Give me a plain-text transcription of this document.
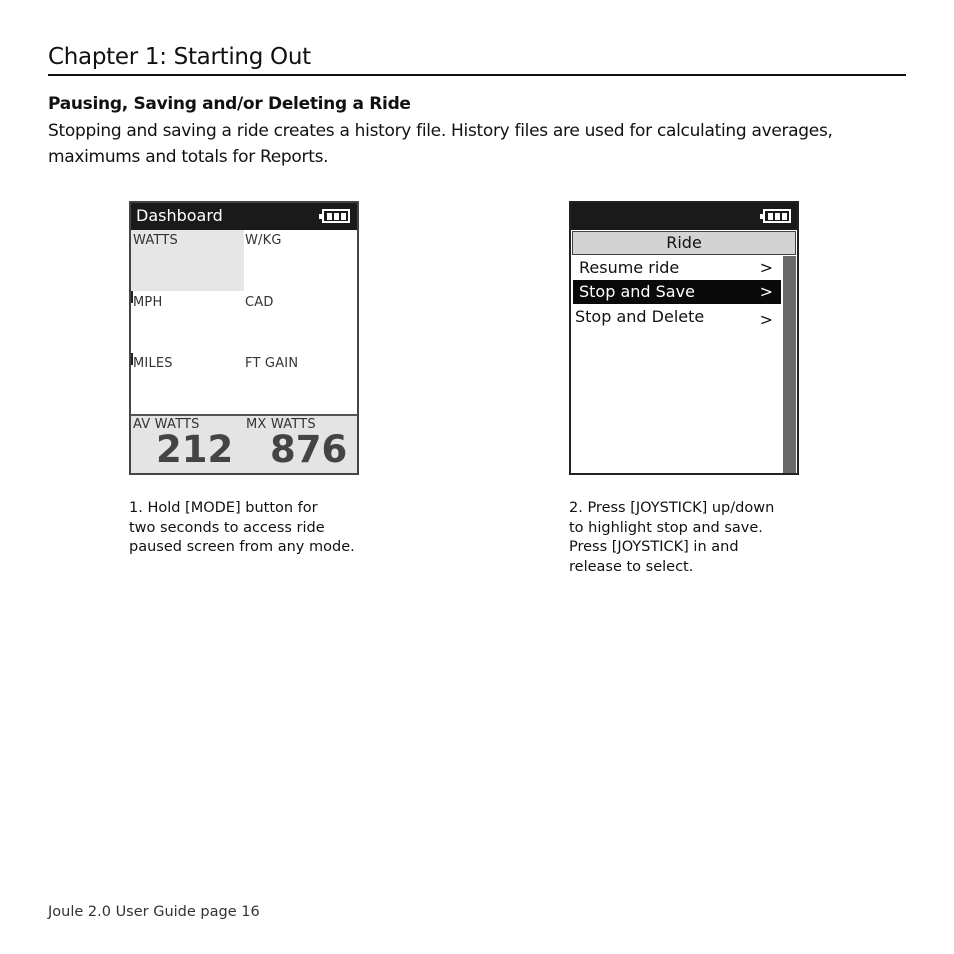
Chapter 1: Starting Out
Pausing, Saving and/or Deleting a Ride
Stopping and saving a ride creates a history file. History files are used for calculating averages, maximums and totals for Reports.
Dashboard
WATTS	W/KG
MPH	CAD
MILES	FT GAIN
AV WATTS	MX WATTS
212 876
Ride
Resume ride	>
Stop and Save	>
Stop and Delete	>
1. Hold [MODE] button for
two seconds to access ride
paused screen from any mode.
2. Press [JOYSTICK] up/down
to highlight stop and save.
Press [JOYSTICK] in and
release to select.
Joule 2.0 User Guide page 16
